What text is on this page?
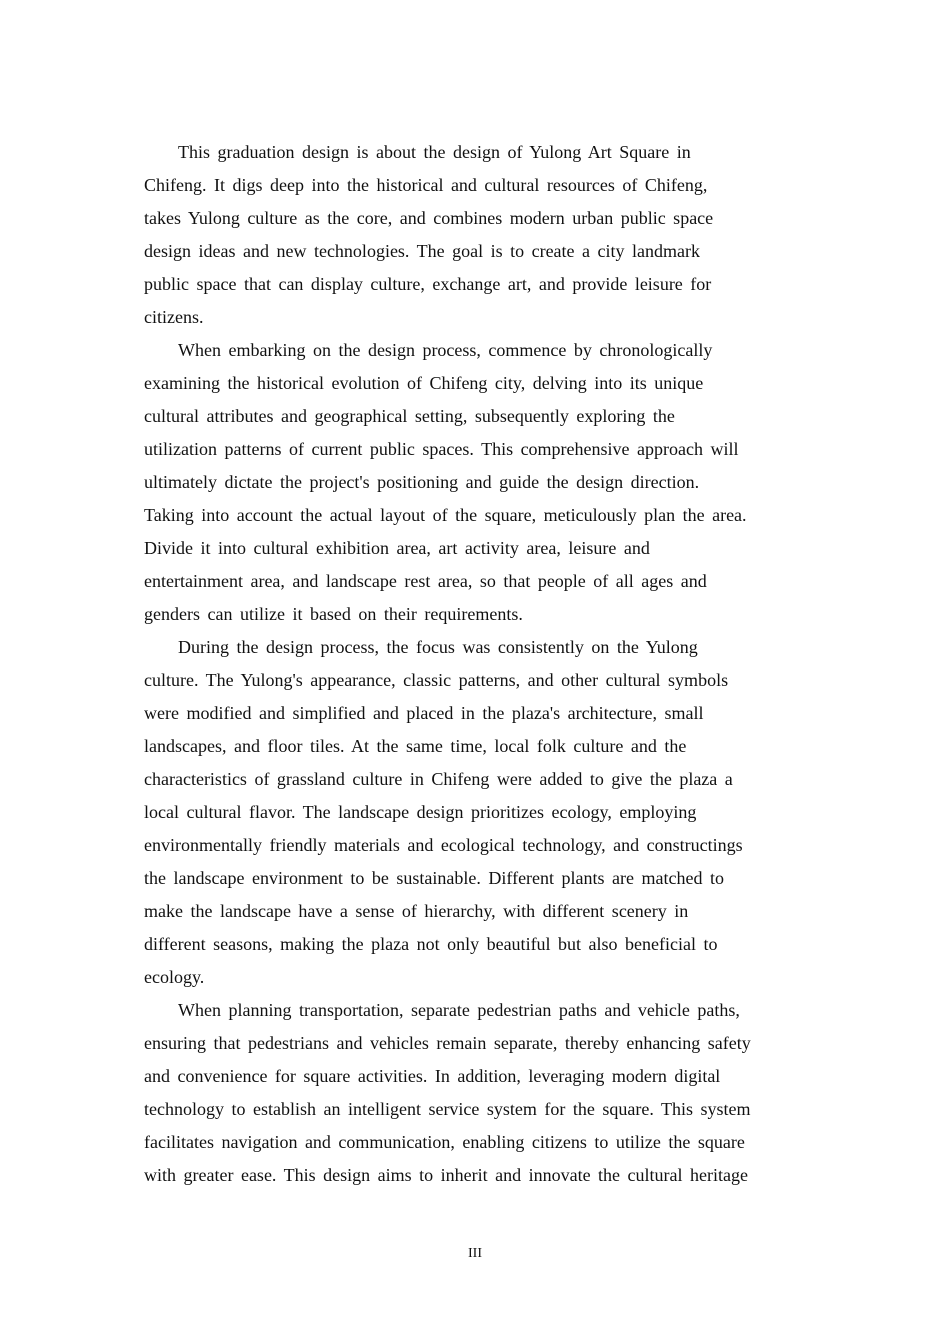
This graduation design is about the design of Yulong Art Square in
Chifeng. It digs deep into the historical and cultural resources of Chifeng,
takes Yulong culture as the core, and combines modern urban public space
design ideas and new technologies. The goal is to create a city landmark
public space that can display culture, exchange art, and provide leisure for
citizens.

When embarking on the design process, commence by chronologically
examining the historical evolution of Chifeng city, delving into its unique
cultural attributes and geographical setting, subsequently exploring the
utilization patterns of current public spaces. This comprehensive approach will
ultimately dictate the project's positioning and guide the design direction.
Taking into account the actual layout of the square, meticulously plan the area.
Divide it into cultural exhibition area, art activity area, leisure and
entertainment area, and landscape rest area, so that people of all ages and
genders can utilize it based on their requirements.

During the design process, the focus was consistently on the Yulong
culture. The Yulong's appearance, classic patterns, and other cultural symbols
were modified and simplified and placed in the plaza's architecture, small
landscapes, and floor tiles. At the same time, local folk culture and the
characteristics of grassland culture in Chifeng were added to give the plaza a
local cultural flavor. The landscape design prioritizes ecology, employing
environmentally friendly materials and ecological technology, and constructings
the landscape environment to be sustainable. Different plants are matched to
make the landscape have a sense of hierarchy, with different scenery in
different seasons, making the plaza not only beautiful but also beneficial to
ecology.

When planning transportation, separate pedestrian paths and vehicle paths,
ensuring that pedestrians and vehicles remain separate, thereby enhancing safety
and convenience for square activities. In addition, leveraging modern digital
technology to establish an intelligent service system for the square. This system
facilitates navigation and communication, enabling citizens to utilize the square
with greater ease. This design aims to inherit and innovate the cultural heritage

III
